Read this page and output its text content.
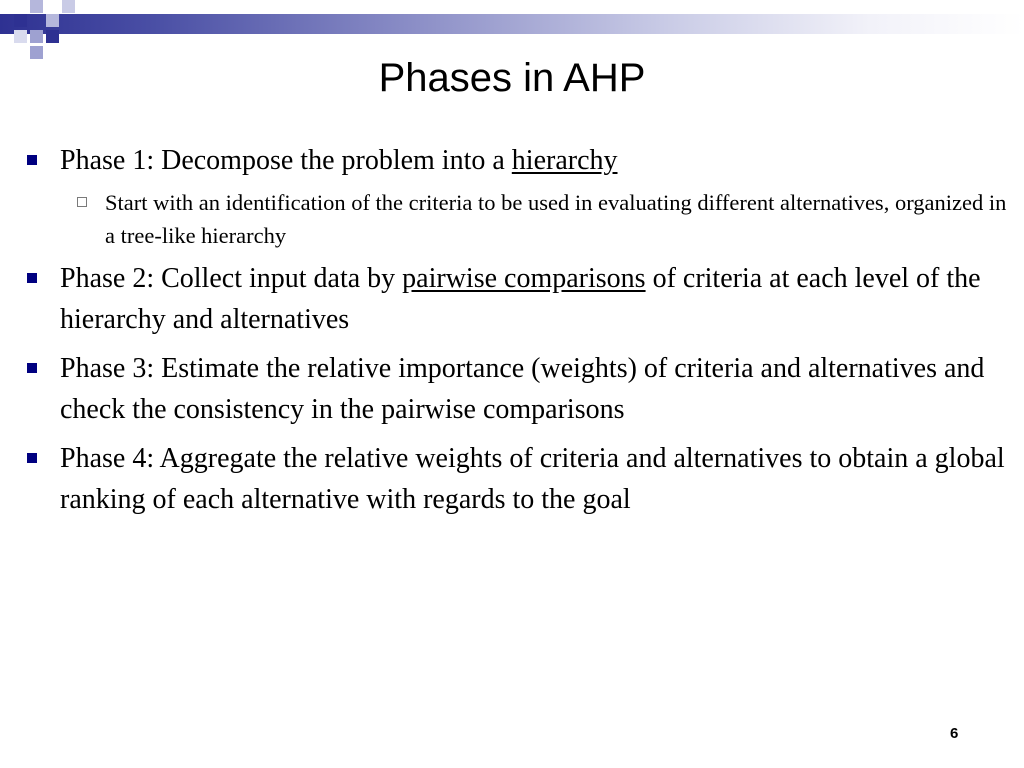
Phases in AHP
Phase 1: Decompose the problem into a hierarchy
Start with an identification of the criteria to be used in evaluating different alternatives, organized in a tree-like hierarchy
Phase 2: Collect input data by pairwise comparisons of criteria at each level of the hierarchy and alternatives
Phase 3: Estimate the relative importance (weights) of criteria and alternatives and check the consistency in the pairwise comparisons
Phase 4: Aggregate the relative weights of criteria and alternatives to obtain a global ranking of each alternative with regards to the goal
6
